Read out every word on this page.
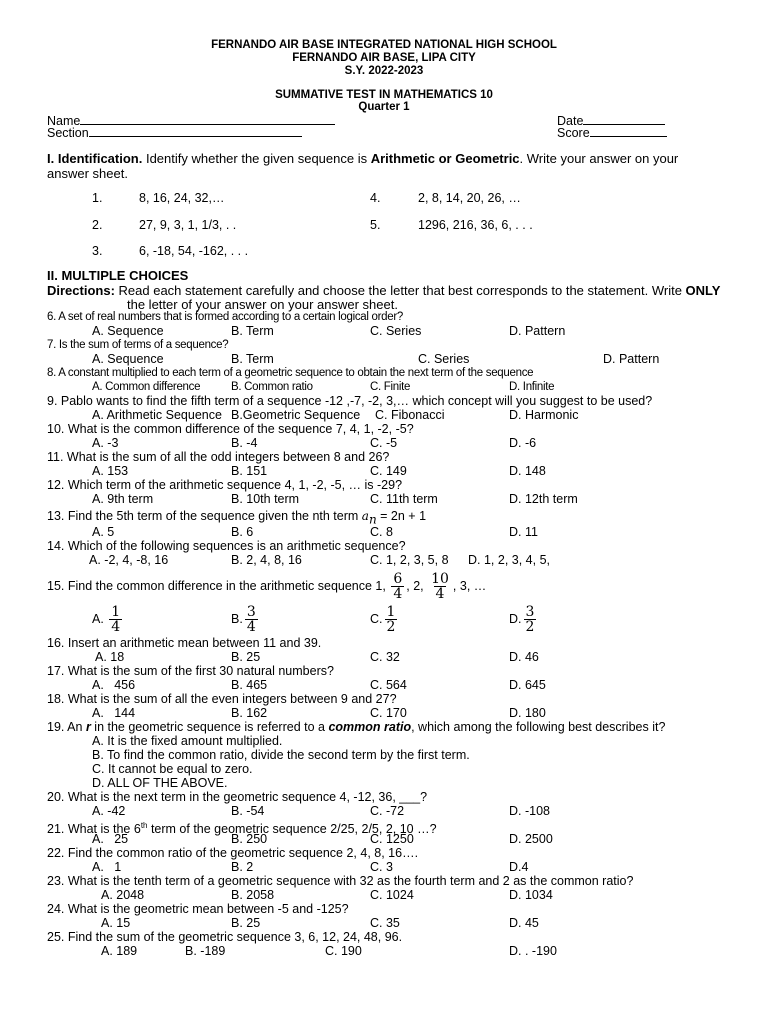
FERNANDO AIR BASE INTEGRATED NATIONAL HIGH SCHOOL
FERNANDO AIR BASE, LIPA CITY
S.Y. 2022-2023
SUMMATIVE TEST IN MATHEMATICS 10
Quarter 1
Name
Section
Date
Score
I. Identification. Identify whether the given sequence is Arithmetic or Geometric. Write your answer on your
answer sheet.
1.	8, 16, 24, 32,…
2.	27, 9, 3, 1, 1/3, . .
3.	6, -18, 54, -162, . . .
4.	2, 8, 14, 20, 26, …
5.	1296, 216, 36, 6, . . .
II. MULTIPLE CHOICES
Directions: Read each statement carefully and choose the letter that best corresponds to the statement. Write ONLY
the letter of your answer on your answer sheet.
6. A set of real numbers that is formed according to a certain logical order?
A. Sequence	B. Term	C. Series	D. Pattern
7. Is the sum of terms of a sequence?
A. Sequence	B. Term	C. Series	D. Pattern
8. A constant multiplied to each term of a geometric sequence to obtain the next term of the sequence
A. Common difference	B. Common ratio	C. Finite	D. Infinite
9. Pablo wants to find the fifth term of a sequence -12 ,-7, -2, 3,… which concept will you suggest to be used?
A. Arithmetic Sequence B.Geometric Sequence C. Fibonacci	D. Harmonic
10. What is the common difference of the sequence 7, 4, 1, -2, -5?
A. -3	B. -4	C. -5	D. -6
11. What is the sum of all the odd integers between 8 and 26?
A. 153	B. 151	C. 149	D. 148
12. Which term of the arithmetic sequence 4, 1, -2, -5, … is -29?
A. 9th term	B. 10th term	C. 11th term	D. 12th term
13. Find the 5th term of the sequence given the nth term $a_n = 2n + 1$
A. 5	B. 6	C. 8	D. 11
14. Which of the following sequences is an arithmetic sequence?
A. -2, 4, -8, 16	B. 2, 4, 8, 16	C. 1, 2, 3, 5, 8 D. 1, 2, 3, 4, 5,
15. Find the common difference in the arithmetic sequence 1, $\frac{6}{4}$ , 2, $\frac{10}{4}$ , 3, …
A. $\frac{1}{4}$	B. $\frac{3}{4}$	C. $\frac{1}{2}$	D. $\frac{3}{2}$
16. Insert an arithmetic mean between 11 and 39.
A. 18	B. 25	C. 32	D. 46
17. What is the sum of the first 30 natural numbers?
A.   456	B. 465	C. 564	D. 645
18. What is the sum of all the even integers between 9 and 27?
A.   144	B. 162	C. 170	D. 180
19. An r in the geometric sequence is referred to a common ratio, which among the following best describes it?
A. It is the fixed amount multiplied.
B. To find the common ratio, divide the second term by the first term.
C. It cannot be equal to zero.
D. ALL OF THE ABOVE.
20. What is the next term in the geometric sequence 4, -12, 36, ___?
A. -42	B. -54	C. -72	D. -108
21. What is the 6th term of the geometric sequence 2/25, 2/5, 2, 10 …?
A.   25	B. 250	C. 1250	D. 2500
22. Find the common ratio of the geometric sequence 2, 4, 8, 16….
A.   1	B. 2	C. 3	D.4
23. What is the tenth term of a geometric sequence with 32 as the fourth term and 2 as the common ratio?
A. 2048	B. 2058	C. 1024	D. 1034
24. What is the geometric mean between -5 and -125?
A. 15	B. 25	C. 35	D. 45
25. Find the sum of the geometric sequence 3, 6, 12, 24, 48, 96.
A. 189	B. -189	C. 190	D. . -190
